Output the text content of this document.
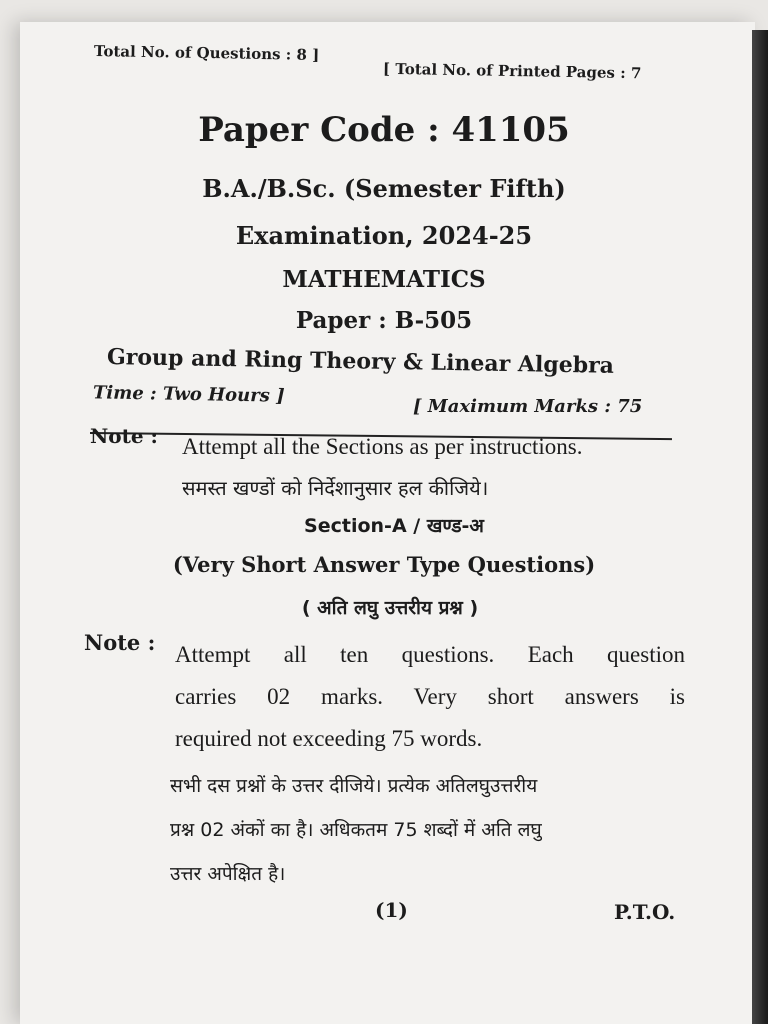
Total No. of Questions : 8 ]
[ Total No. of Printed Pages : 7
Paper Code : 41105
B.A./B.Sc. (Semester Fifth)
Examination, 2024-25
MATHEMATICS
Paper : B-505
Group and Ring Theory & Linear Algebra
Time : Two Hours ]	[ Maximum Marks : 75
Note : Attempt all the Sections as per instructions.
समस्त खण्डों को निर्देशानुसार हल कीजिये।
Section-A / खण्ड-अ
(Very Short Answer Type Questions)
( अति लघु उत्तरीय प्रश्न )
Note : Attempt all ten questions. Each question
carries 02 marks. Very short answers is
required not exceeding 75 words.
सभी दस प्रश्नों के उत्तर दीजिये। प्रत्येक अतिलघुउत्तरीय
प्रश्न 02 अंकों का है। अधिकतम 75 शब्दों में अति लघु
उत्तर अपेक्षित है।
(1)	P.T.O.
